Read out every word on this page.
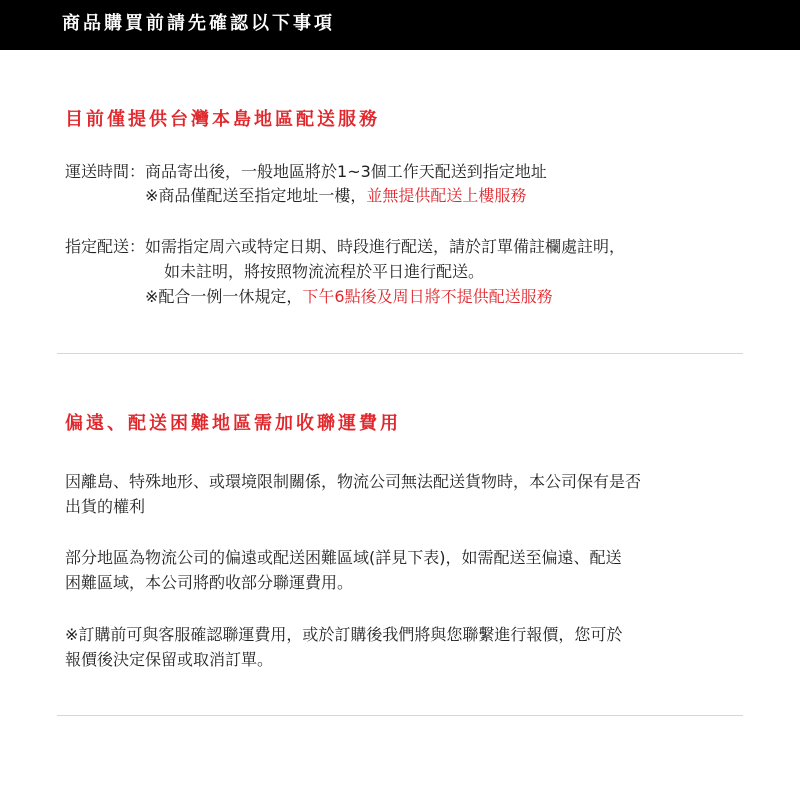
商品購買前請先確認以下事項
目前僅提供台灣本島地區配送服務
運送時間：商品寄出後，一般地區將於1~3個工作天配送到指定地址
※商品僅配送至指定地址一樓，並無提供配送上樓服務
指定配送：如需指定周六或特定日期、時段進行配送，請於訂單備註欄處註明，
如未註明，將按照物流流程於平日進行配送。
※配合一例一休規定，下午6點後及周日將不提供配送服務
偏遠、配送困難地區需加收聯運費用
因離島、特殊地形、或環境限制關係，物流公司無法配送貨物時，本公司保有是否
出貨的權利
部分地區為物流公司的偏遠或配送困難區域(詳見下表)，如需配送至偏遠、配送
困難區域，本公司將酌收部分聯運費用。
※訂購前可與客服確認聯運費用，或於訂購後我們將與您聯繫進行報價，您可於
報價後決定保留或取消訂單。
